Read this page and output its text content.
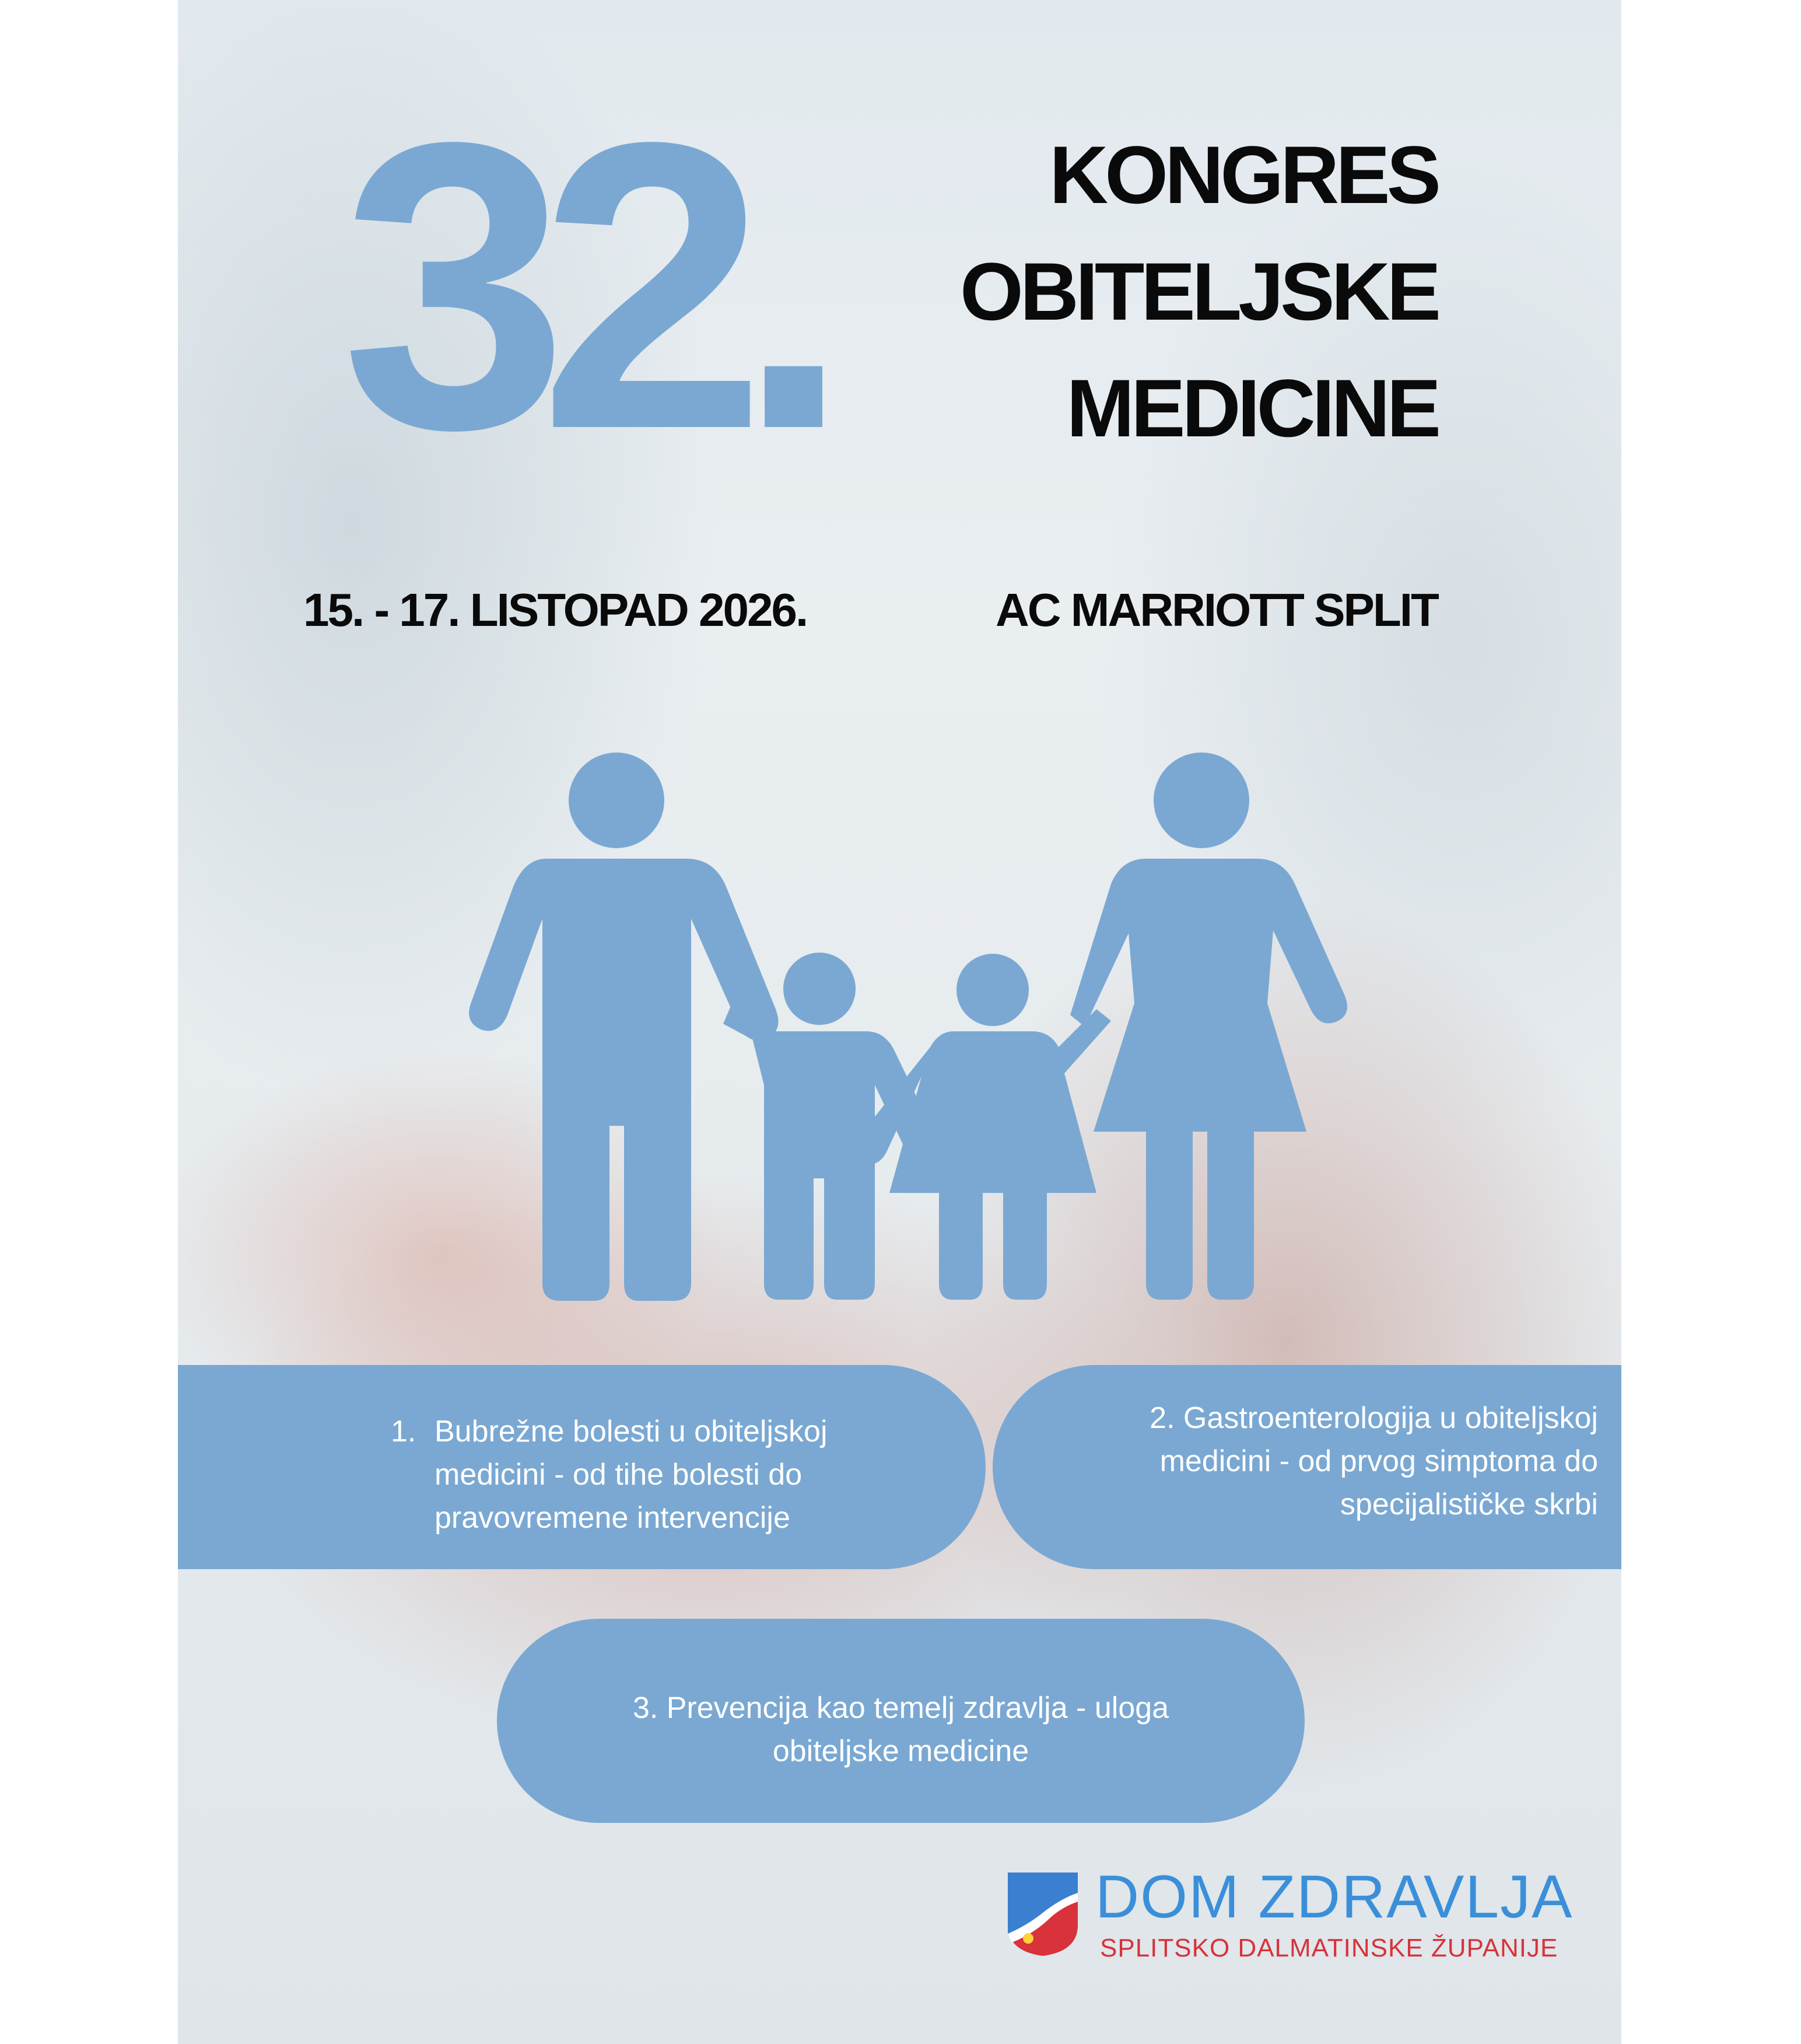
32.	KONGRES
OBITELJSKE
MEDICINE
15. - 17. LISTOPAD 2026.	AC MARRIOTT SPLIT
1. Bubrežne bolesti u obiteljskoj
medicini - od tihe bolesti do
pravovremene intervencije
2. Gastroenterologija u obiteljskoj
medicini - od prvog simptoma do
specijalističke skrbi
3. Prevencija kao temelj zdravlja - uloga
obiteljske medicine
DOM ZDRAVLJA
SPLITSKO DALMATINSKE ŽUPANIJE
